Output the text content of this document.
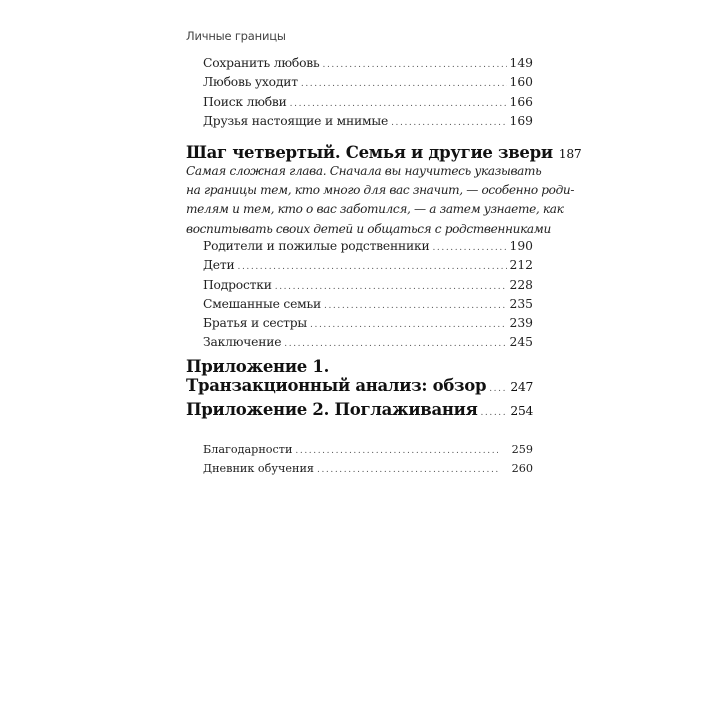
Личные границы
Сохранить любовь .....	149
Любовь уходит .....	160
Поиск любви .....	166
Друзья настоящие и мнимые .....	169
Шаг четвертый. Семья и другие звери 187
Самая сложная глава. Сначала вы научитесь указывать
на границы тем, кто много для вас значит, — особенно роди-
телям и тем, кто о вас заботился, — а затем узнаете, как
воспитывать своих детей и общаться с родственниками
Родители и пожилые родственники .....	190
Дети .....	212
Подростки .....	228
Смешанные семьи .....	235
Братья и сестры .....	239
Заключение .....	245
Приложение 1.
Транзакционный анализ: обзор ..... 247
Приложение 2. Поглаживания .....	254
Благодарности .....	259
Дневник обучения .....	260
